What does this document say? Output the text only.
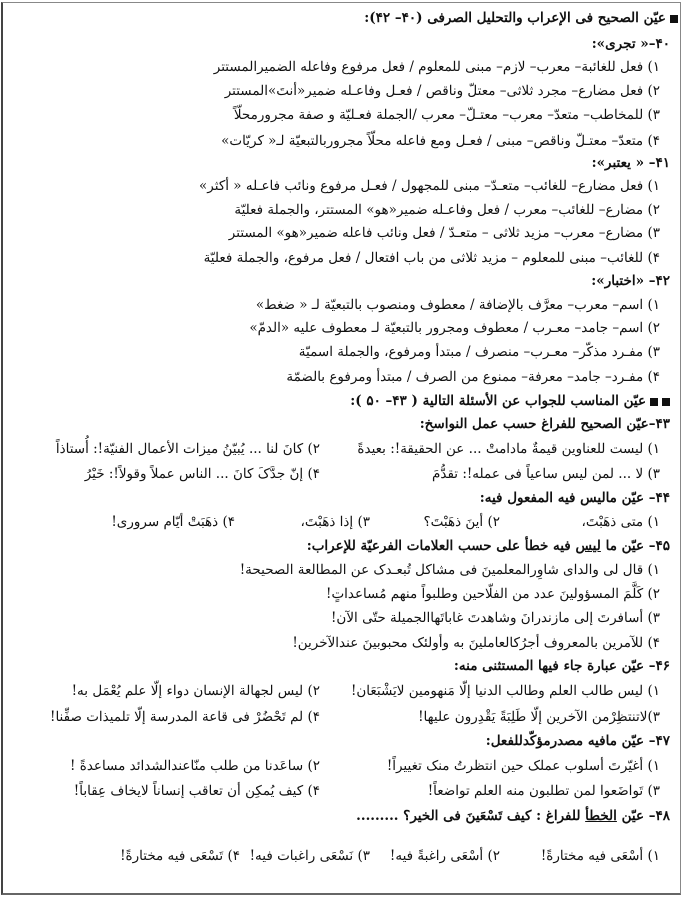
عيّن الصحيح فى الإعراب والتحليل الصرفى (۴۰– ۴۲):
۴۰–« تجری»:
۱) فعل للغائبة– معرب– لازم– مبنی للمعلوم / فعل مرفوع وفاعله الضمیرالمستتر
۲) فعل مضارع– مجرد ثلاثی– معتلّ وناقص / فعـل وفاعـله ضمیر«أنتَ»المستتر
۳) للمخاطب– متعدّ– معرب– معتـلّ– معرب /الجملة فعـلیّة و صفة مجرورمحلّاً
۴) متعدّ– معتـلّ وناقص– مبنی / فعـل ومع فاعله محلّاً مجروربالتبعیّة لـ« کریّات»
۴۱– « یعتبر»:
۱) فعل مضارع– للغائب– متعـدّ– مبنی للمجهول / فعـل مرفوع ونائب فاعـله « أکثر»
۲) مضارع– للغائب– معرب / فعل وفاعـله ضمیر«هو» المستتر، والجملة فعلیّة
۳) مضارع– معرب– مزید ثلاثی – متعـدّ / فعل ونائب فاعله ضمیر«هو» المستتر
۴) للغائب– مبنی للمعلوم – مزید ثلاثی من باب افتعال / فعل مرفوع، والجملة فعلیّة
۴۲– «اختبار»:
۱) اسم– معرب– معرَّف بالإضافة / معطوف ومنصوب بالتبعیّة لـ « ضغط»
۲) اسم– جامد– معـرب / معطوف ومجرور بالتبعیّة لـ معطوف علیه «الدمّ»
۳) مفـرد مذکّر– معـرب– منصرف / مبتدأ ومرفوع، والجملة اسمیّة
۴) مفـرد– جامد– معرفة– ممنوع من الصرف / مبتدأ ومرفوع بالضمّة
عیّن المناسب للجواب عن الأسئلة التالیة ( ۴۳– ۵۰ ):
۴۳–عیّن الصحیح للفراغ حسب عمل النواسخ:
۱) لیست للعناوین قیمةٌ مادامتْ ... عن الحقیقة!: بعیدةً
۲) کانَ لنا ... یُبیّنُ میزات الأعمال الفنیّة!: أُستاذاً
۳) لا ... لمن لیس ساعیاً فی عمله!: تقدُّمَ
۴) إنّ جدَّکَ کانَ ... الناس عملاً وقولاً!: خَیْرُ
۴۴– عیّن مالیس فیه المفعول فیه:
۱) متی ذهَبْتَ،
۲) أینَ ذهَبْتَ؟
۳) إذا ذهَبْتَ،
۴) ذهَبَتْ أیّام سروری!
۴۵– عیّن ما لیس فیه خطأ علی حسب العلامات الفرعیّة للإعراب:
۱) قال لی والدای شاوِرالمعلمینَ فی مشاکل تُبعـدک عن المطالعة الصحیحة!
۲) کَلَّمَ المسؤولینَ عدد من الفلّاحین وطلبواً منهم مُساعداتٍ!
۳) أسافرتَ إلی مازندرانَ وشاهدتَ غاباتَهاالجمیلة حتّی الآن!
۴) للآمرین بالمعروف أجرُکالعاملینَ به وأولئک محبوبینَ عندالآخرین!
۴۶– عیّن عبارة جاء فیها المستثنی منه:
۱) لیس طالب العلم وطالب الدنیا إلّا مَنهومین لایَشْبَعَان!
۲) لیس لجهالة الإنسان دواء إلّا علم یُعْمَل به!
۳)لاتنتظِرْمن الآخرین إلّا طَلِبَةً یَقْدِرون علیها!
۴) لم تَحْضُرْ فی قاعة المدرسة إلّا تلمیذات صفِّنا!
۴۷– عیّن مافیه مصدرمؤکّدللفعل:
۱) أغیّرتَ أسلوب عملک حین انتظرتُ منک تغییراً!
۲) ساعَدنا من طلب منّاعندالشدائد مساعدةً !
۳) تَواضَعوا لمن تطلبون منه العلم تواضعاً!
۴) کیف یُمکِن أن تعاقب إنساناً لایخاف عِقاباً!
۴۸– عیّن الخطأ للفراغ : کیف تَسْعَینَ فی الخیر؟ .........
۱) أسْعَی فیه مختارةً!
۲) أسْعَی راغبةً فیه!
۳) نَسْعَی راغبات فیه!
۴) تَسْعَی فیه مختارةً!
